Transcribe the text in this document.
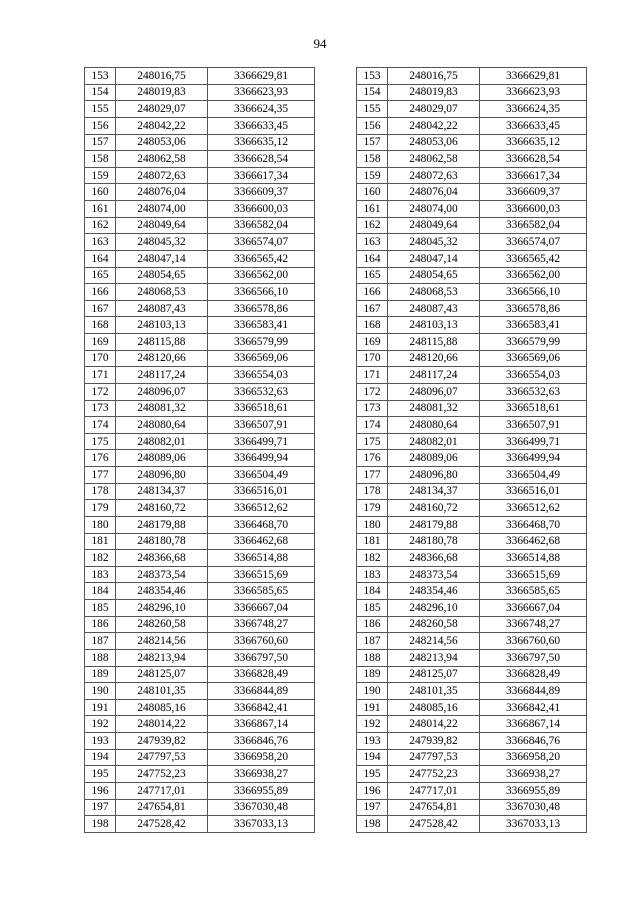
94
153	248016,75	3366629,81
154	248019,83	3366623,93
155	248029,07	3366624,35
156	248042,22	3366633,45
157	248053,06	3366635,12
158	248062,58	3366628,54
159	248072,63	3366617,34
160	248076,04	3366609,37
161	248074,00	3366600,03
162	248049,64	3366582,04
163	248045,32	3366574,07
164	248047,14	3366565,42
165	248054,65	3366562,00
166	248068,53	3366566,10
167	248087,43	3366578,86
168	248103,13	3366583,41
169	248115,88	3366579,99
170	248120,66	3366569,06
171	248117,24	3366554,03
172	248096,07	3366532,63
173	248081,32	3366518,61
174	248080,64	3366507,91
175	248082,01	3366499,71
176	248089,06	3366499,94
177	248096,80	3366504,49
178	248134,37	3366516,01
179	248160,72	3366512,62
180	248179,88	3366468,70
181	248180,78	3366462,68
182	248366,68	3366514,88
183	248373,54	3366515,69
184	248354,46	3366585,65
185	248296,10	3366667,04
186	248260,58	3366748,27
187	248214,56	3366760,60
188	248213,94	3366797,50
189	248125,07	3366828,49
190	248101,35	3366844,89
191	248085,16	3366842,41
192	248014,22	3366867,14
193	247939,82	3366846,76
194	247797,53	3366958,20
195	247752,23	3366938,27
196	247717,01	3366955,89
197	247654,81	3367030,48
198	247528,42	3367033,13
153	248016,75	3366629,81
154	248019,83	3366623,93
155	248029,07	3366624,35
156	248042,22	3366633,45
157	248053,06	3366635,12
158	248062,58	3366628,54
159	248072,63	3366617,34
160	248076,04	3366609,37
161	248074,00	3366600,03
162	248049,64	3366582,04
163	248045,32	3366574,07
164	248047,14	3366565,42
165	248054,65	3366562,00
166	248068,53	3366566,10
167	248087,43	3366578,86
168	248103,13	3366583,41
169	248115,88	3366579,99
170	248120,66	3366569,06
171	248117,24	3366554,03
172	248096,07	3366532,63
173	248081,32	3366518,61
174	248080,64	3366507,91
175	248082,01	3366499,71
176	248089,06	3366499,94
177	248096,80	3366504,49
178	248134,37	3366516,01
179	248160,72	3366512,62
180	248179,88	3366468,70
181	248180,78	3366462,68
182	248366,68	3366514,88
183	248373,54	3366515,69
184	248354,46	3366585,65
185	248296,10	3366667,04
186	248260,58	3366748,27
187	248214,56	3366760,60
188	248213,94	3366797,50
189	248125,07	3366828,49
190	248101,35	3366844,89
191	248085,16	3366842,41
192	248014,22	3366867,14
193	247939,82	3366846,76
194	247797,53	3366958,20
195	247752,23	3366938,27
196	247717,01	3366955,89
197	247654,81	3367030,48
198	247528,42	3367033,13
